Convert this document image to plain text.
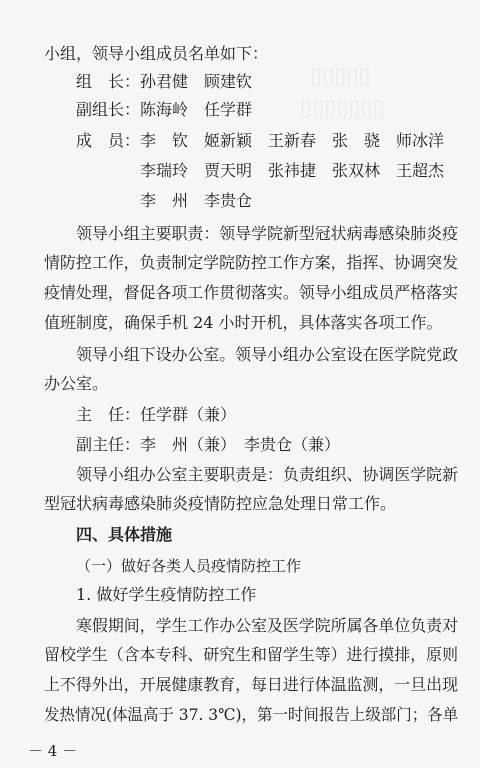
▯▯▯▯▯
▯▯▯▯▯▯▯
小组，领导小组成员名单如下：
组　长：孙君健　顾建钦
副组长：陈海岭　任学群
成　员：李　钦　姬新颖　王新春　张　骁　师冰洋
李瑞玲　贾天明　张祎捷　张双林　王超杰
李　州　李贵仓
领导小组主要职责：领导学院新型冠状病毒感染肺炎疫
情防控工作，负责制定学院防控工作方案，指挥、协调突发
疫情处理，督促各项工作贯彻落实。领导小组成员严格落实
值班制度，确保手机 24 小时开机，具体落实各项工作。
领导小组下设办公室。领导小组办公室设在医学院党政
办公室。
主　任：任学群（兼）
副主任：李　州（兼）　李贵仓（兼）
领导小组办公室主要职责是：负责组织、协调医学院新
型冠状病毒感染肺炎疫情防控应急处理日常工作。
四、具体措施
（一）做好各类人员疫情防控工作
1. 做好学生疫情防控工作
寒假期间，学生工作办公室及医学院所属各单位负责对
留校学生（含本专科、研究生和留学生等）进行摸排，原则
上不得外出，开展健康教育，每日进行体温监测，一旦出现
发热情况(体温高于 37. 3℃)，第一时间报告上级部门；各单
－ 4 －
